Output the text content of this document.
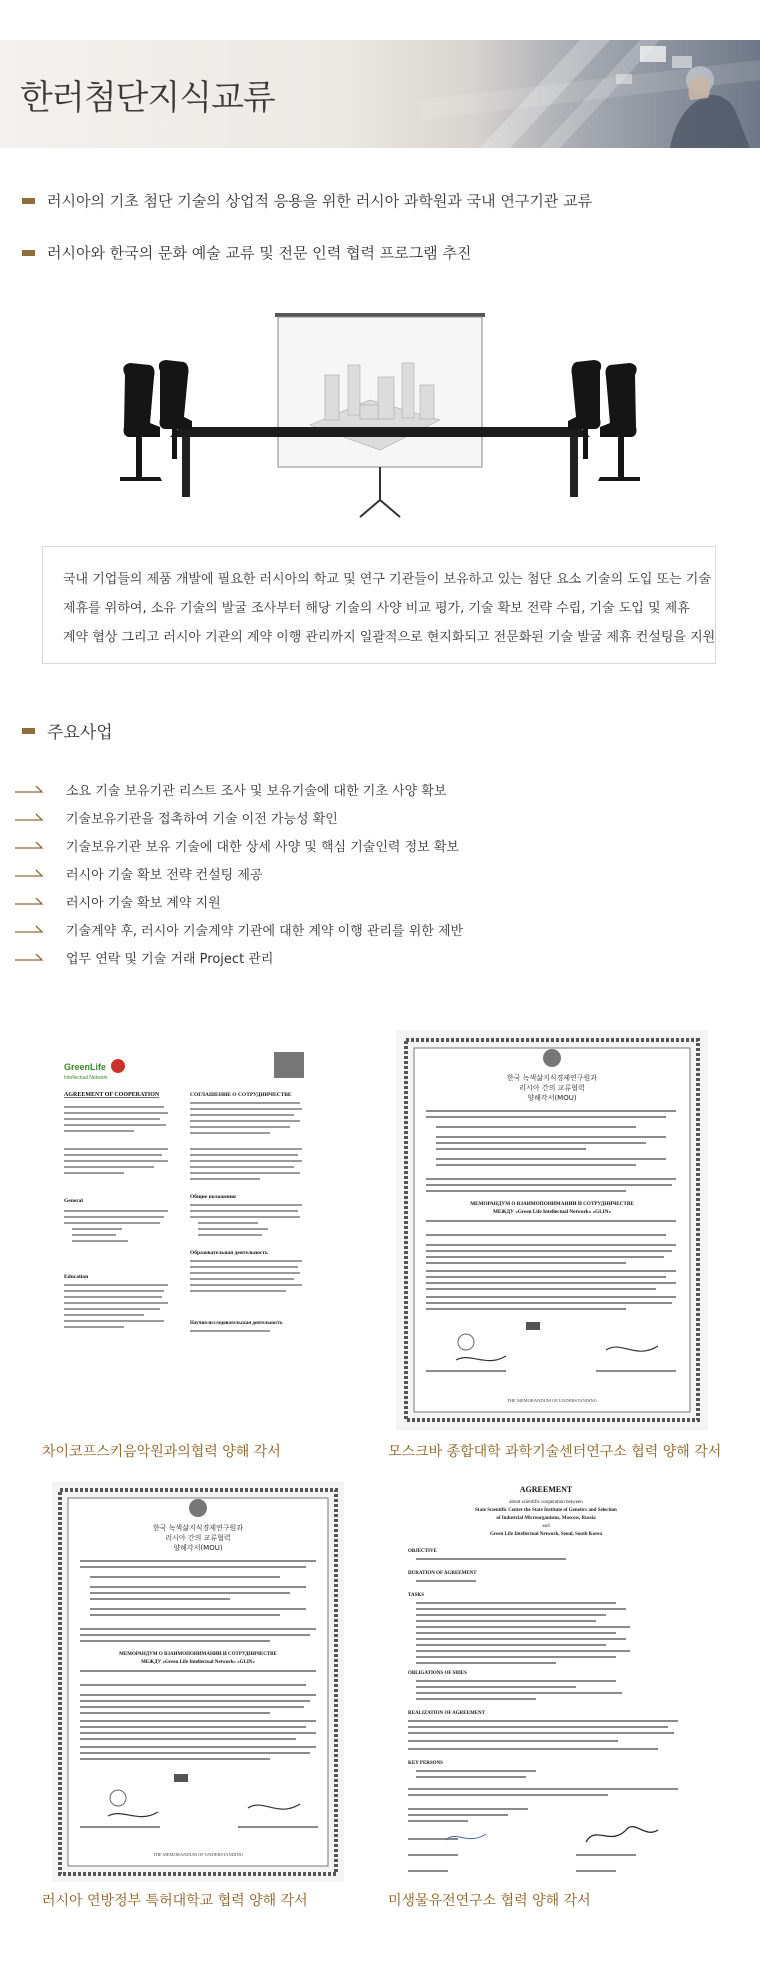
한러첨단지식교류
러시아의 기초 첨단 기술의 상업적 응용을 위한 러시아 과학원과 국내 연구기관 교류
러시아와 한국의 문화 예술 교류 및 전문 인력 협력 프로그램 추진

국내 기업들의 제품 개발에 필요한 러시아의 학교 및 연구 기관들이 보유하고 있는 첨단 요소 기술의 도입 또는 기술

제휴를 위하여, 소유 기술의 발굴 조사부터 해당 기술의 사양 비교 평가, 기술 확보 전략 수립, 기술 도입 및 제휴

계약 협상 그리고 러시아 기관의 계약 이행 관리까지 일괄적으로 현지화되고 전문화된 기술 발굴 제휴 컨설팅을 지원

주요사업
소요 기술 보유기관 리스트 조사 및 보유기술에 대한 기초 사양 확보
기술보유기관을 접촉하여 기술 이전 가능성 확인
기술보유기관 보유 기술에 대한 상세 사양 및 핵심 기술인력 정보 확보
러시아 기술 확보 전략 컨설팅 제공
러시아 기술 확보 계약 지원
기술계약 후, 러시아 기술계약 기관에 대한 계약 이행 관리를 위한 제반
업무 연락 및 기술 거래 Project 관리
GreenLife
Intellectual Network
AGREEMENT OF COOPERATION	СОГЛАШЕНИЕ О СОТРУДНИЧЕСТВЕ
General
Education
Общие положения
Образовательная деятельность
Научно-исследовательская деятельность
한국 녹색삶지식경제연구원과
러시아 간의 교류협력
양해각서(MOU)
МЕМОРАНДУМ О ВЗАИМОПОНИМАНИИ И СОТРУДНИЧЕСТВЕ
МЕЖДУ «Green Life Intellectual Network» «GLIN»
THE MEMORANDUM OF UNDERSTANDING
차이코프스키음악원과의협력 양해 각서	모스크바 종합대학 과학기술센터연구소 협력 양해 각서
한국 녹색삶지식경제연구원과
러시아 간의 교류협력
양해각서(MOU)
МЕМОРАНДУМ О ВЗАИМОПОНИМАНИИ И СОТРУДНИЧЕСТВЕ
МЕЖДУ «Green Life Intellectual Network» «GLIN»
THE MEMORANDUM OF UNDERSTANDING
AGREEMENT
about scientific cooperation between
State Scientific Center the State Institute of Genetics and Selection
of Industrial Microorganisms, Moscow, Russia
and
Green Life Intellectual Network, Seoul, South Korea
OBJECTIVE
DURATION OF AGREEMENT
TASKS
OBLIGATIONS OF SIDES
REALIZATION OF AGREEMENT
KEY PERSONS
러시아 연방정부 특허대학교 협력 양해 각서	미생물유전연구소 협력 양해 각서
